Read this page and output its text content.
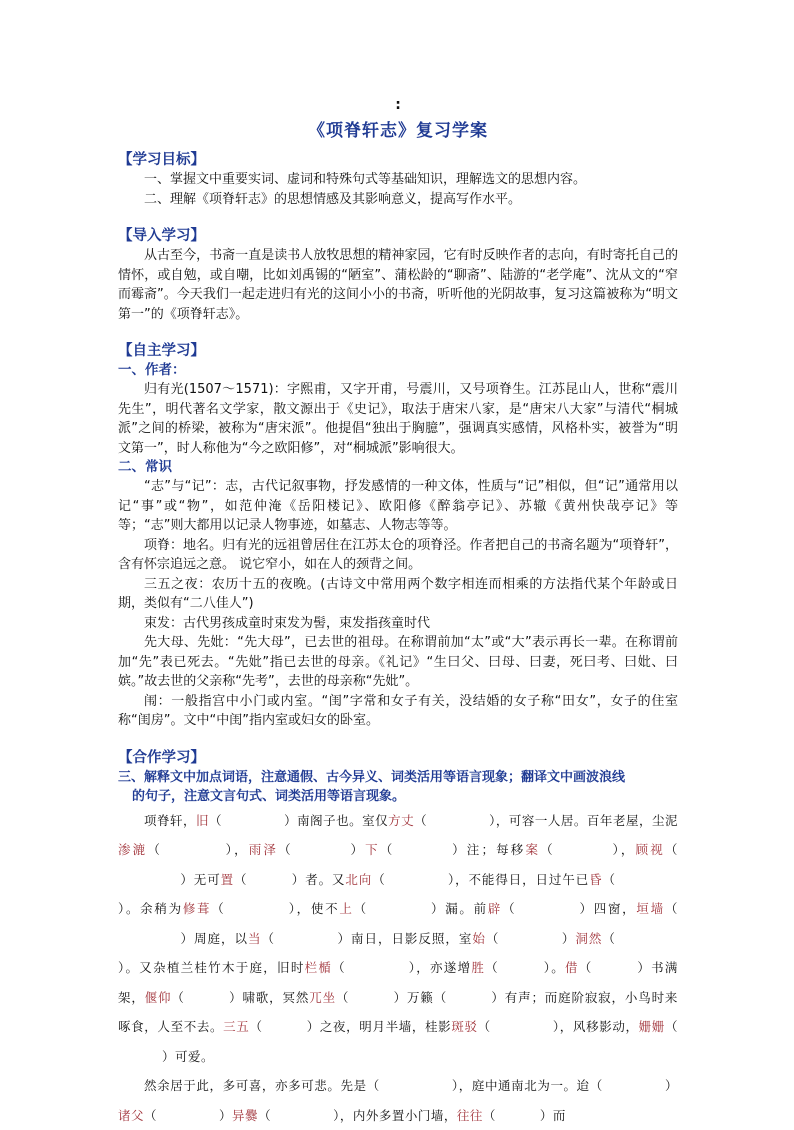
:
《项脊轩志》复习学案
【学习目标】

一、掌握文中重要实词、虚词和特殊句式等基础知识，理解选文的思想内容。

二、理解《项脊轩志》的思想情感及其影响意义，提高写作水平。

【导入学习】

从古至今，书斋一直是读书人放牧思想的精神家园，它有时反映作者的志向，有时寄托自己的情怀，或自勉，或自嘲，比如刘禹锡的“陋室”、蒲松龄的“聊斋”、陆游的“老学庵”、沈从文的“窄而霉斋”。今天我们一起走进归有光的这间小小的书斋，听听他的光阴故事，复习这篇被称为“明文第一”的《项脊轩志》。

【自主学习】
一、作者：

归有光(1507～1571)：字熙甫，又字开甫，号震川，又号项脊生。江苏昆山人，世称“震川先生”，明代著名文学家，散文源出于《史记》，取法于唐宋八家，是“唐宋八大家”与清代“桐城派”之间的桥梁，被称为“唐宋派”。他提倡“独出于胸臆”，强调真实感情，风格朴实，被誉为“明文第一”，时人称他为“今之欧阳修”，对“桐城派”影响很大。

二、常识

“志”与“记”：志，古代记叙事物，抒发感情的一种文体，性质与“记”相似，但“记”通常用以记“事”或“物”，如范仲淹《岳阳楼记》、欧阳修《醉翁亭记》、苏辙《黄州快哉亭记》等等；“志”则大都用以记录人物事迹，如墓志、人物志等等。

项脊：地名。归有光的远祖曾居住在江苏太仓的项脊泾。作者把自己的书斋名题为“项脊轩”，含有怀宗追远之意。 说它窄小，如在人的颈背之间。

三五之夜：农历十五的夜晚。(古诗文中常用两个数字相连而相乘的方法指代某个年龄或日期，类似有“二八佳人”)

束发：古代男孩成童时束发为髻，束发指孩童时代

先大母、先妣：“先大母”，已去世的祖母。在称谓前加“太”或“大”表示再长一辈。在称谓前加“先”表已死去。“先妣”指已去世的母亲。《礼记》“生曰父、曰母、曰妻，死曰考、曰妣、曰嫔。”故去世的父亲称“先考”，去世的母亲称“先妣”。

闱：一般指宫中小门或内室。“闺”字常和女子有关，没结婚的女子称“田女”，女子的住室称“闺房”。文中“中闺”指内室或妇女的卧室。

【合作学习】
三、解释文中加点词语，注意通假、古今异义、词类活用等语言现象；翻译文中画波浪线
的句子，注意文言句式、词类活用等语言现象。

项脊轩，旧（	）南阁子也。室仅方丈（	），可容一人居。百年老屋，尘泥渗漉（	），雨泽（	）下（	）注；每移案（	），顾视（）无可置（	）者。又北向（	），不能得日，日过午已昏（）。余稍为修葺（	），使不上（	）漏。前辟（	）四窗，垣墙（）周庭，以当（	）南日，日影反照，室始（	）洞然（）。又杂植兰桂竹木于庭，旧时栏楯（	），亦遂增胜（	）。借（	）书满架，偃仰（	）啸歌，冥然兀坐（	）万籁（	）有声；而庭阶寂寂，小鸟时来啄食，人至不去。三五（	）之夜，明月半墙，桂影斑驳（	），风移影动，姗姗（）可爱。

然余居于此，多可喜，亦多可悲。先是（	），庭中通南北为一。迨（	）诸父（	）异爨（	），内外多置小门墙，往往（	）而
